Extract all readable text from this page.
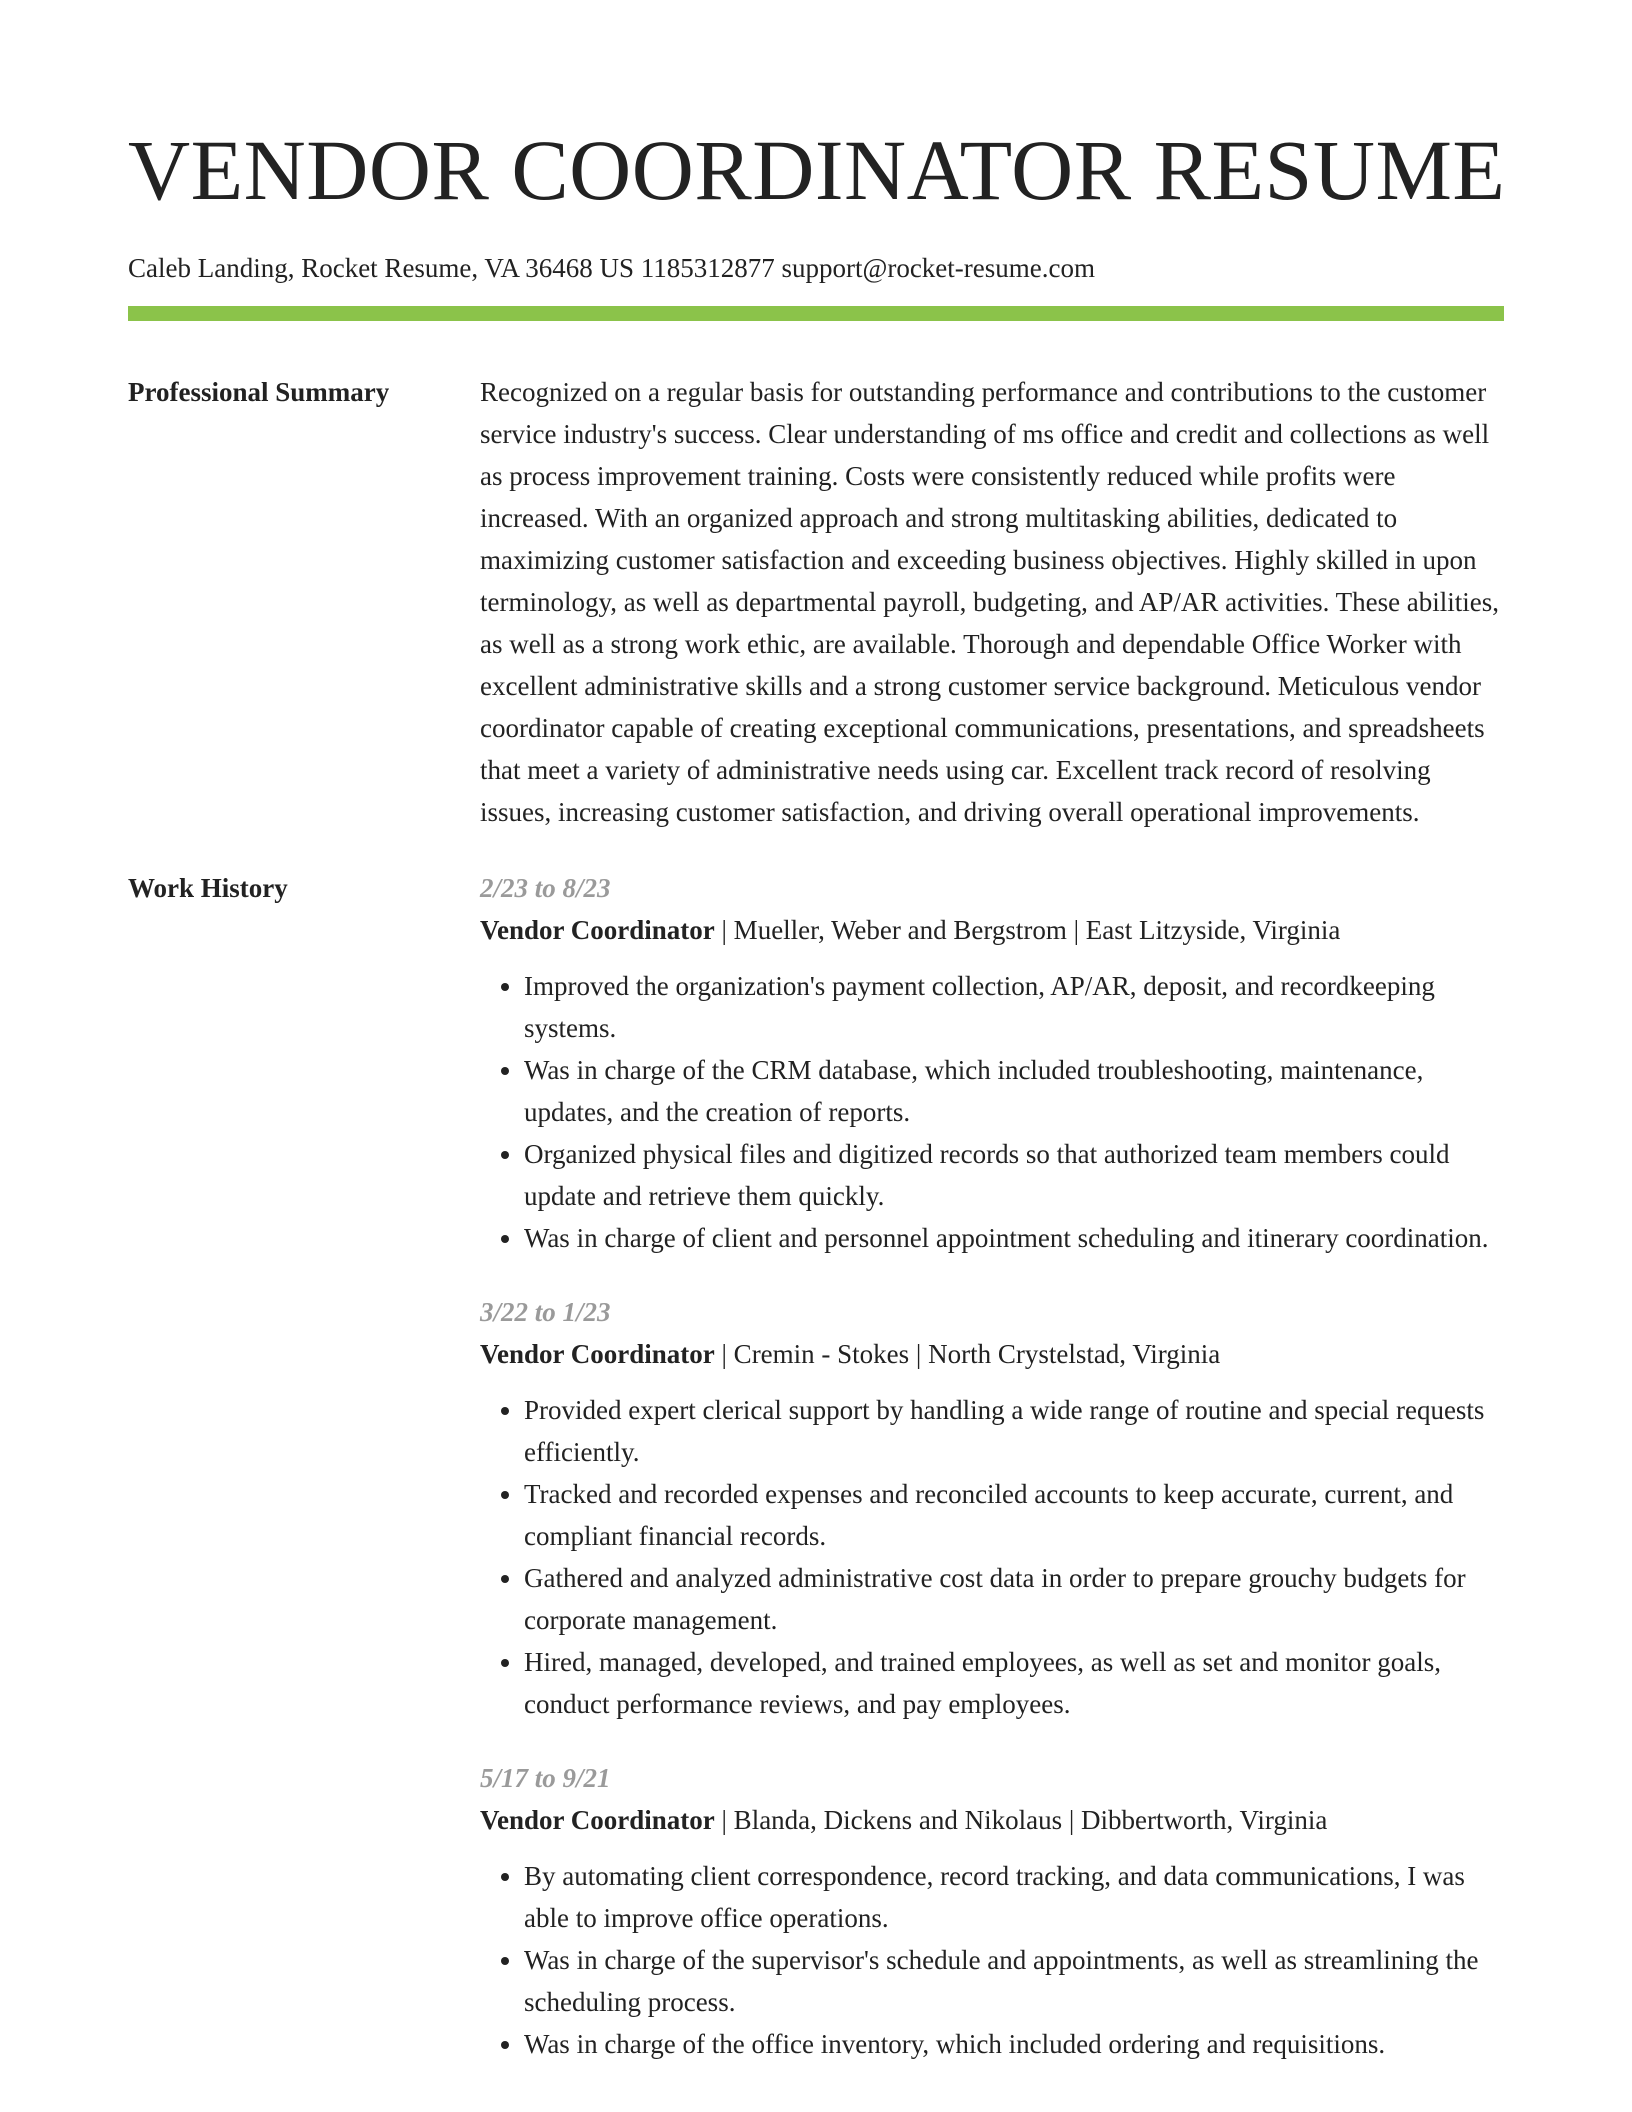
VENDOR COORDINATOR RESUME
Caleb Landing, Rocket Resume, VA 36468 US 1185312877 support@rocket-resume.com
Professional Summary	Recognized on a regular basis for outstanding performance and contributions to the customer service industry's success. Clear understanding of ms office and credit and collections as well as process improvement training. Costs were consistently reduced while profits were increased. With an organized approach and strong multitasking abilities, dedicated to maximizing customer satisfaction and exceeding business objectives. Highly skilled in upon terminology, as well as departmental payroll, budgeting, and AP/AR activities. These abilities, as well as a strong work ethic, are available. Thorough and dependable Office Worker with excellent administrative skills and a strong customer service background. Meticulous vendor coordinator capable of creating exceptional communications, presentations, and spreadsheets that meet a variety of administrative needs using car. Excellent track record of resolving issues, increasing customer satisfaction, and driving overall operational improvements.

Work History	2/23 to 8/23
Vendor Coordinator | Mueller, Weber and Bergstrom | East Litzyside, Virginia
• Improved the organization's payment collection, AP/AR, deposit, and recordkeeping systems.
• Was in charge of the CRM database, which included troubleshooting, maintenance, updates, and the creation of reports.
• Organized physical files and digitized records so that authorized team members could update and retrieve them quickly.
• Was in charge of client and personnel appointment scheduling and itinerary coordination.
3/22 to 1/23
Vendor Coordinator | Cremin - Stokes | North Crystelstad, Virginia
• Provided expert clerical support by handling a wide range of routine and special requests efficiently.
• Tracked and recorded expenses and reconciled accounts to keep accurate, current, and compliant financial records.
• Gathered and analyzed administrative cost data in order to prepare grouchy budgets for corporate management.
• Hired, managed, developed, and trained employees, as well as set and monitor goals, conduct performance reviews, and pay employees.
5/17 to 9/21
Vendor Coordinator | Blanda, Dickens and Nikolaus | Dibbertworth, Virginia
• By automating client correspondence, record tracking, and data communications, I was able to improve office operations.
• Was in charge of the supervisor's schedule and appointments, as well as streamlining the scheduling process.
• Was in charge of the office inventory, which included ordering and requisitions.
